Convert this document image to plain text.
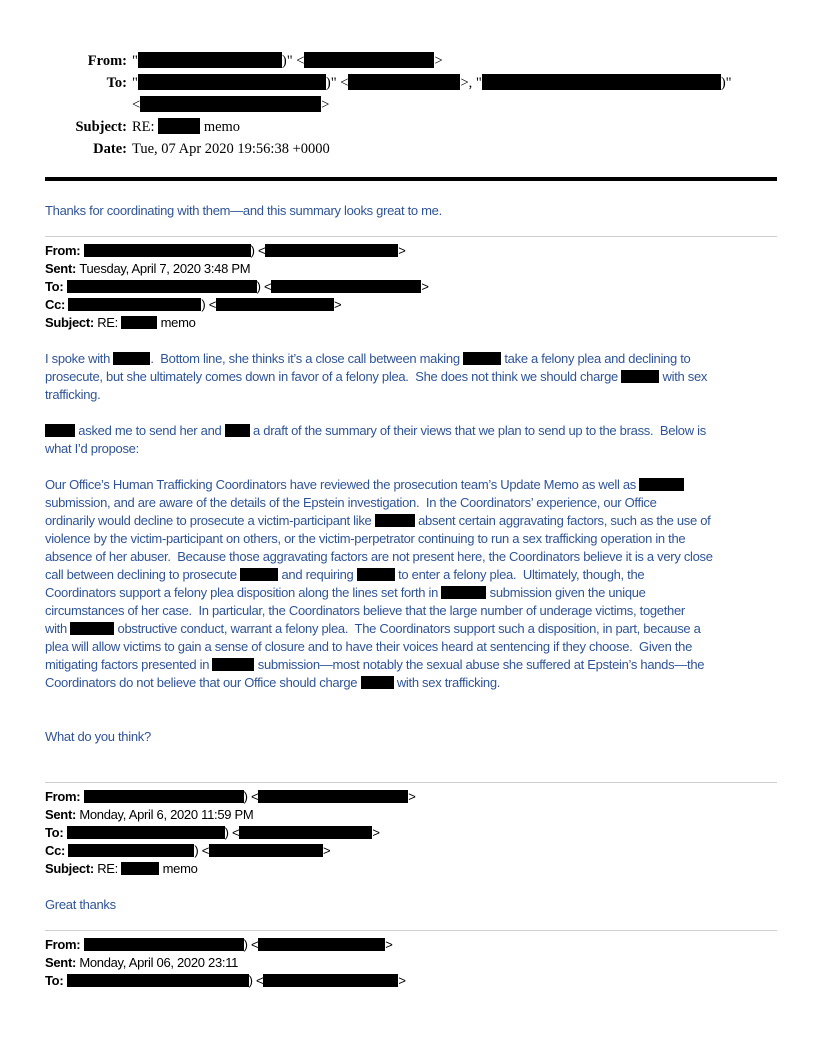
From: "	)" <	>
To: "	)" <	>, "	)"
<	>
Subject: RE:	memo
Date: Tue, 07 Apr 2020 19:56:38 +0000
Thanks for coordinating with them—and this summary looks great to me.
From:	) <	>
Sent: Tuesday, April 7, 2020 3:48 PM
To:	) <	>
Cc:	) <	>
Subject: RE:	memo
I spoke with	.  Bottom line, she thinks it’s a close call between making	take a felony plea and declining to
prosecute, but she ultimately comes down in favor of a felony plea.  She does not think we should charge	with sex
trafficking.
asked me to send her and  a draft of the summary of their views that we plan to send up to the brass.  Below is
what I’d propose:
Our Office’s Human Trafficking Coordinators have reviewed the prosecution team’s Update Memo as well as
submission, and are aware of the details of the Epstein investigation.  In the Coordinators’ experience, our Office
ordinarily would decline to prosecute a victim-participant like	absent certain aggravating factors, such as the use of
violence by the victim-participant on others, or the victim-perpetrator continuing to run a sex trafficking operation in the
absence of her abuser.  Because those aggravating factors are not present here, the Coordinators believe it is a very close
call between declining to prosecute	and requiring	to enter a felony plea.  Ultimately, though, the
Coordinators support a felony plea disposition along the lines set forth in	submission given the unique
circumstances of her case.  In particular, the Coordinators believe that the large number of underage victims, together
with	obstructive conduct, warrant a felony plea.  The Coordinators support such a disposition, in part, because a
plea will allow victims to gain a sense of closure and to have their voices heard at sentencing if they choose.  Given the
mitigating factors presented in	submission—most notably the sexual abuse she suffered at Epstein’s hands—the
Coordinators do not believe that our Office should charge	with sex trafficking.
What do you think?
From:	) <	>
Sent: Monday, April 6, 2020 11:59 PM
To:	) <	>
Cc:	) <	>
Subject: RE:	memo
Great thanks
From:	) <	>
Sent: Monday, April 06, 2020 23:11
To:	) <	>
